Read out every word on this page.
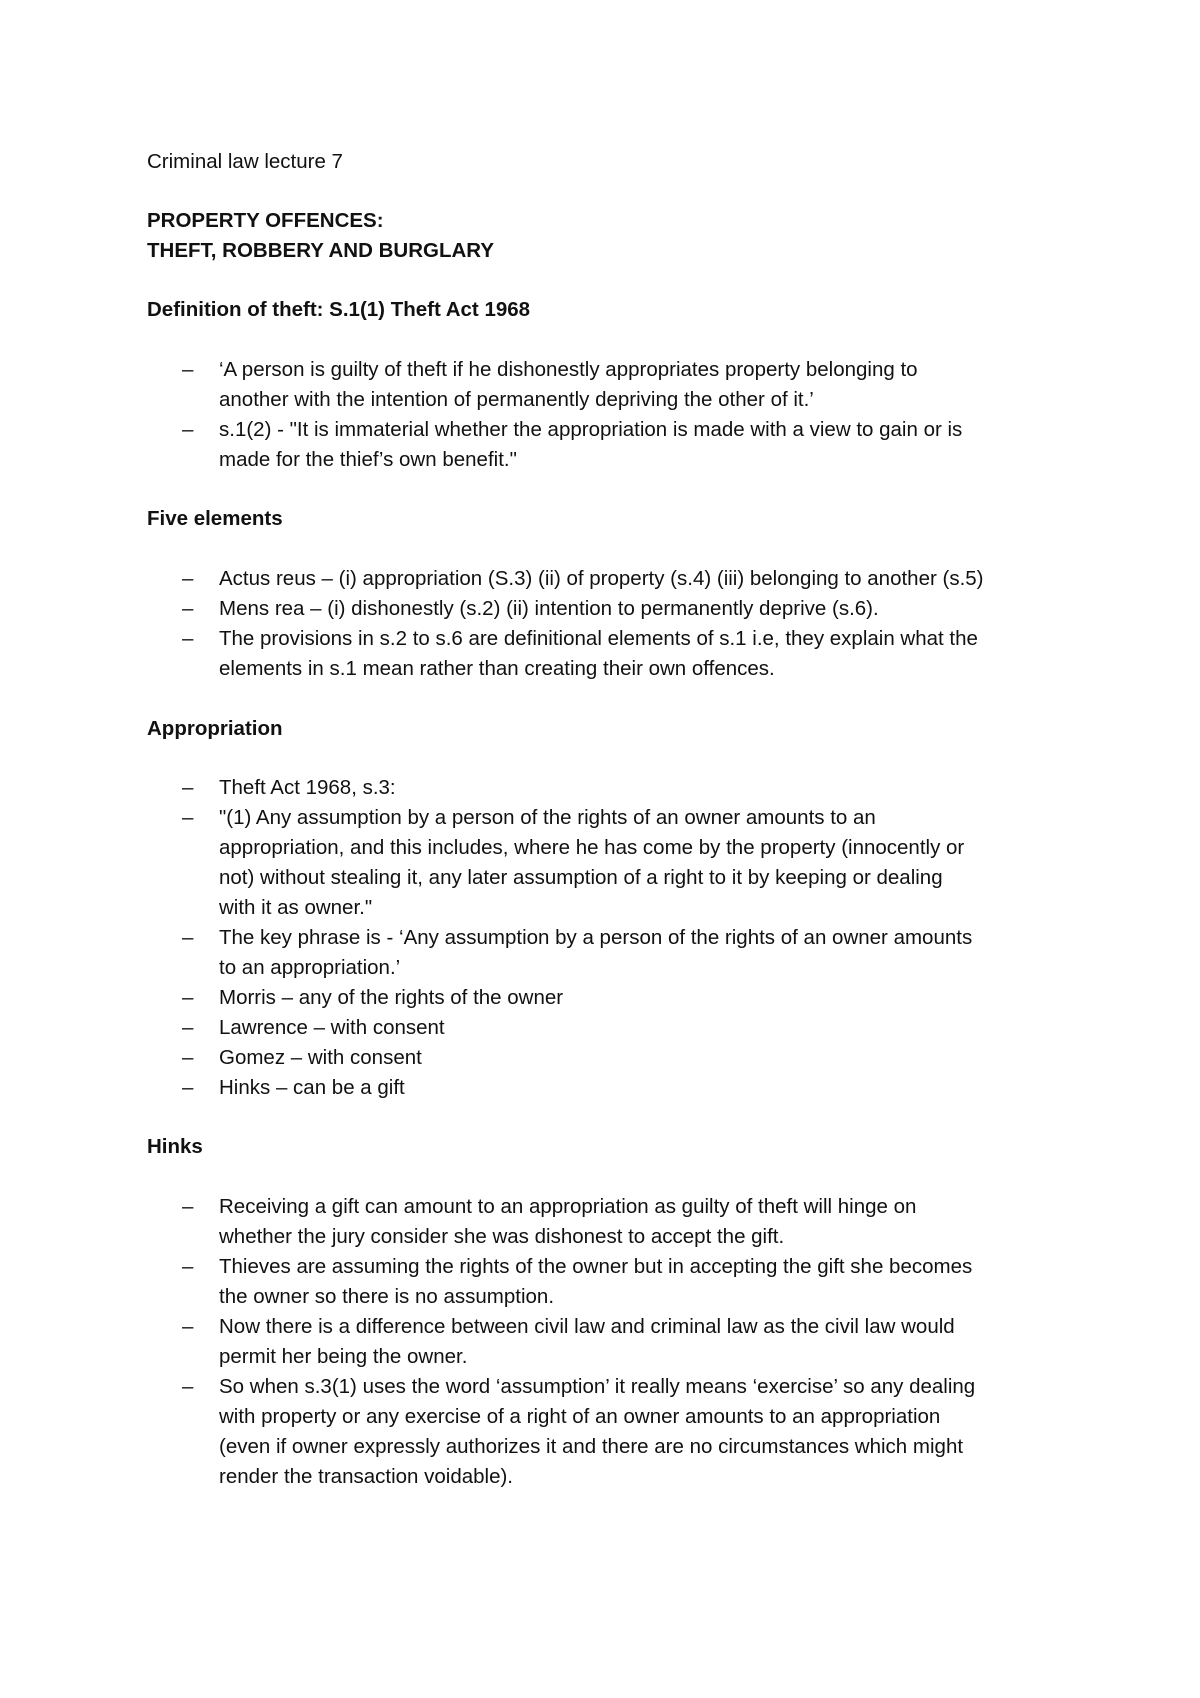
Criminal law lecture 7
PROPERTY OFFENCES:
THEFT, ROBBERY AND BURGLARY
Definition of theft: S.1(1) Theft Act 1968
– ‘A person is guilty of theft if he dishonestly appropriates property belonging to
another with the intention of permanently depriving the other of it.’
– s.1(2) - "It is immaterial whether the appropriation is made with a view to gain or is
made for the thief’s own benefit."
Five elements
– Actus reus – (i) appropriation (S.3) (ii) of property (s.4) (iii) belonging to another (s.5)
– Mens rea – (i) dishonestly (s.2) (ii) intention to permanently deprive (s.6).
– The provisions in s.2 to s.6 are definitional elements of s.1 i.e, they explain what the
elements in s.1 mean rather than creating their own offences.
Appropriation
– Theft Act 1968, s.3:
– "(1) Any assumption by a person of the rights of an owner amounts to an
appropriation, and this includes, where he has come by the property (innocently or
not) without stealing it, any later assumption of a right to it by keeping or dealing
with it as owner."
– The key phrase is - ‘Any assumption by a person of the rights of an owner amounts
to an appropriation.’
– Morris – any of the rights of the owner
– Lawrence – with consent
– Gomez – with consent
– Hinks – can be a gift
Hinks
– Receiving a gift can amount to an appropriation as guilty of theft will hinge on
whether the jury consider she was dishonest to accept the gift.
– Thieves are assuming the rights of the owner but in accepting the gift she becomes
the owner so there is no assumption.
– Now there is a difference between civil law and criminal law as the civil law would
permit her being the owner.
– So when s.3(1) uses the word ‘assumption’ it really means ‘exercise’ so any dealing
with property or any exercise of a right of an owner amounts to an appropriation
(even if owner expressly authorizes it and there are no circumstances which might
render the transaction voidable).
